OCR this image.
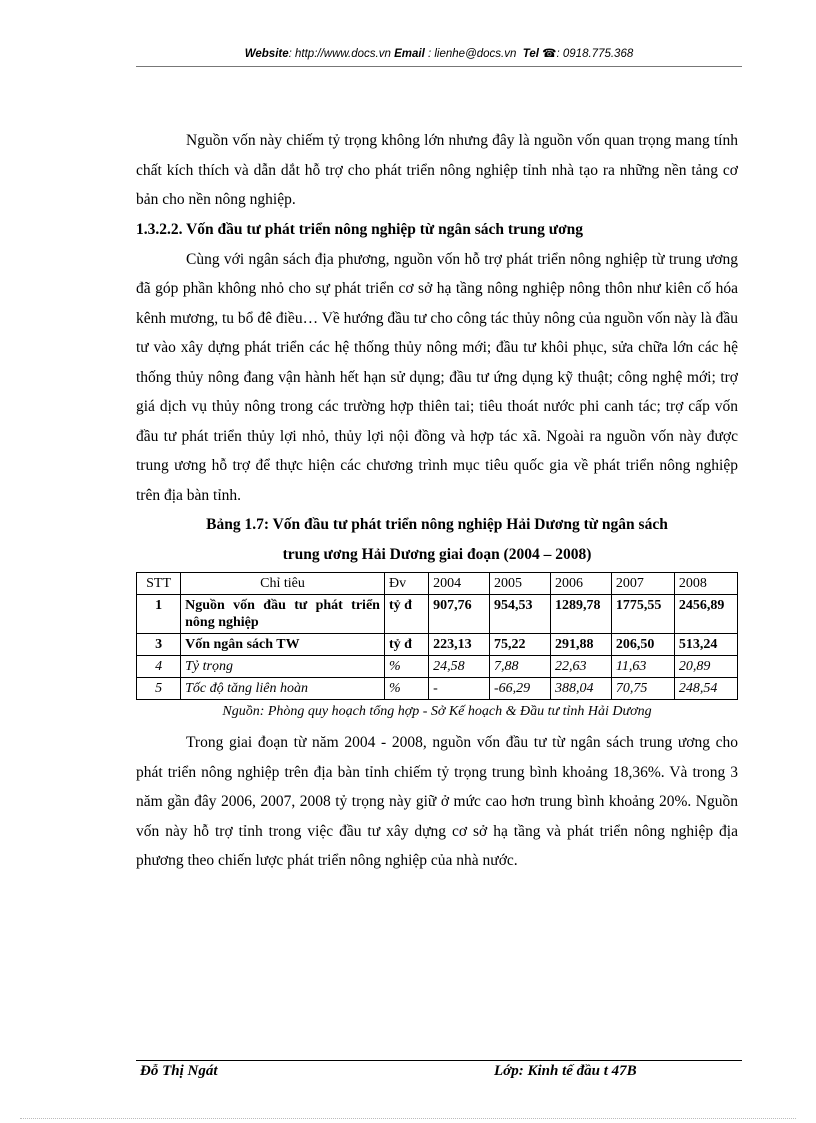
Website: http://www.docs.vn Email : lienhe@docs.vn Tel ☎: 0918.775.368

Nguồn vốn này chiếm tỷ trọng không lớn nhưng đây là nguồn vốn quan trọng mang tính chất kích thích và dẫn dắt hỗ trợ cho phát triển nông nghiệp tỉnh nhà tạo ra những nền tảng cơ bản cho nền nông nghiệp.

1.3.2.2. Vốn đầu tư phát triển nông nghiệp từ ngân sách trung ương

Cùng với ngân sách địa phương, nguồn vốn hỗ trợ phát triển nông nghiệp từ trung ương đã góp phần không nhỏ cho sự phát triển cơ sở hạ tầng nông nghiệp nông thôn như kiên cố hóa kênh mương, tu bổ đê điều… Về hướng đầu tư cho công tác thủy nông của nguồn vốn này là đầu tư vào xây dựng phát triển các hệ thống thủy nông mới; đầu tư khôi phục, sửa chữa lớn các hệ thống thủy nông đang vận hành hết hạn sử dụng; đầu tư ứng dụng kỹ thuật; công nghệ mới; trợ giá dịch vụ thủy nông trong các trường hợp thiên tai; tiêu thoát nước phi canh tác; trợ cấp vốn đầu tư phát triển thủy lợi nhỏ, thủy lợi nội đồng và hợp tác xã. Ngoài ra nguồn vốn này được trung ương hỗ trợ để thực hiện các chương trình mục tiêu quốc gia về phát triển nông nghiệp trên địa bàn tỉnh.

Bảng 1.7: Vốn đầu tư phát triển nông nghiệp Hải Dương từ ngân sách
trung ương Hải Dương giai đoạn (2004 – 2008)
STT	Chỉ tiêu	Đv	2004	2005	2006	2007	2008
1	Nguồn vốn đầu tư phát triển nông nghiệp	tỷ đ	907,76	954,53	1289,78	1775,55	2456,89
3	Vốn ngân sách TW	tỷ đ	223,13	75,22	291,88	206,50	513,24
4	Tỷ trọng	%	24,58	7,88	22,63	11,63	20,89
5	Tốc độ tăng liên hoàn	%	-	-66,29	388,04	70,75	248,54
Nguồn: Phòng quy hoạch tổng hợp - Sở Kế hoạch & Đầu tư tỉnh Hải Dương

Trong giai đoạn từ năm 2004 - 2008, nguồn vốn đầu tư từ ngân sách trung ương cho phát triển nông nghiệp trên địa bàn tỉnh chiếm tỷ trọng trung bình khoảng 18,36%. Và trong 3 năm gần đây 2006, 2007, 2008 tỷ trọng này giữ ở mức cao hơn trung bình khoảng 20%. Nguồn vốn này hỗ trợ tỉnh trong việc đầu tư xây dựng cơ sở hạ tầng và phát triển nông nghiệp địa phương theo chiến lược phát triển nông nghiệp của nhà nước.

Đỗ Thị Ngát	Lớp: Kinh tế đầu t 47B
